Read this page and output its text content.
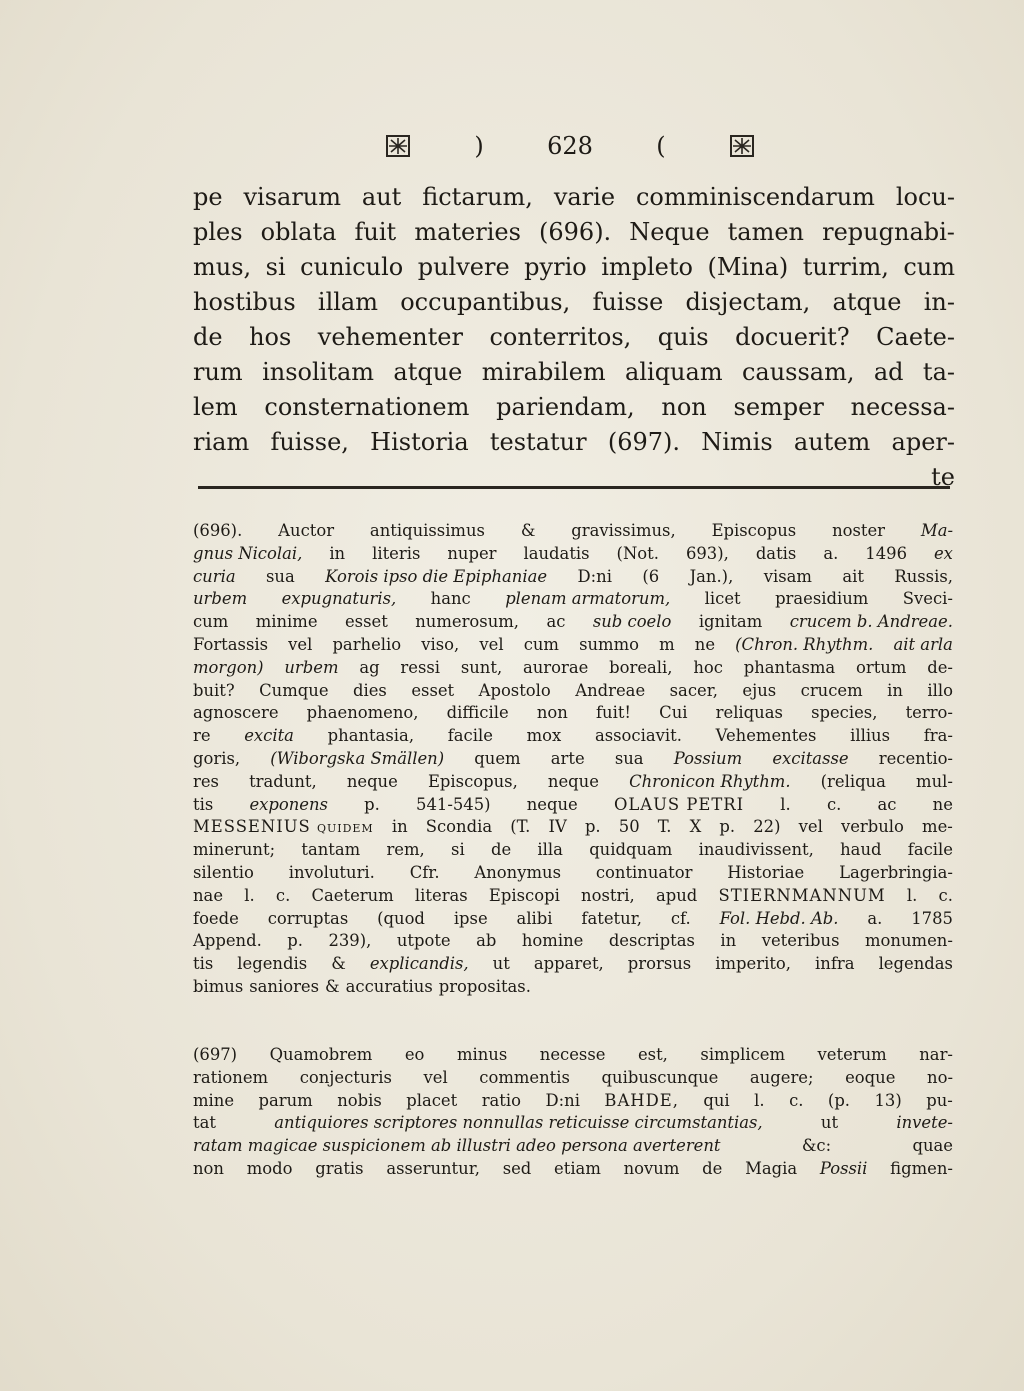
)	628	(
pe visarum aut fictarum, varie comminiscendarum locu-
ples oblata fuit materies (696). Neque tamen repugnabi-
mus, si cuniculo pulvere pyrio impleto (Mina) turrim, cum
hostibus illam occupantibus, fuisse disjectam, atque in-
de hos vehementer conterritos, quis docuerit? Caete-
rum insolitam atque mirabilem aliquam caussam, ad ta-
lem consternationem pariendam, non semper necessa-
riam fuisse, Historia testatur (697). Nimis autem aper-
te
(696). Auctor antiquissimus & gravissimus, Episcopus noster Ma-
gnus Nicolai, in literis nuper laudatis (Not. 693), datis a. 1496 ex
curia sua Korois ipso die Epiphaniae D:ni (6 Jan.), visam ait Russis,
urbem expugnaturis, hanc plenam armatorum, licet praesidium Sveci-
cum minime esset numerosum, ac sub coelo ignitam crucem b. Andreae.
Fortassis vel parhelio viso, vel cum summo m ne (Chron. Rhythm. ait arla
morgon) urbem ag ressi sunt, aurorae boreali, hoc phantasma ortum de-
buit? Cumque dies esset Apostolo Andreae sacer, ejus crucem in illo
agnoscere phaenomeno, difficile non fuit! Cui reliquas species, terro-
re excita phantasia, facile mox associavit. Vehementes illius fra-
goris, (Wiborgska Smällen) quem arte sua Possium excitasse recentio-
res tradunt, neque Episcopus, neque Chronicon Rhythm. (reliqua mul-
tis exponens p. 541-545) neque OLAUS PETRI l. c. ac ne
MESSENIUS quidem in Scondia (T. IV p. 50 T. X p. 22) vel verbulo me-
minerunt; tantam rem, si de illa quidquam inaudivissent, haud facile
silentio involuturi. Cfr. Anonymus continuator Historiae Lagerbringia-
nae l. c. Caeterum literas Episcopi nostri, apud STIERNMANNUM l. c.
foede corruptas (quod ipse alibi fatetur, cf. Fol. Hebd. Ab. a. 1785
Append. p. 239), utpote ab homine descriptas in veteribus monumen-
tis legendis & explicandis, ut apparet, prorsus imperito, infra legendas
bimus saniores & accuratius propositas.
(697) Quamobrem eo minus necesse est, simplicem veterum nar-
rationem conjecturis vel commentis quibuscunque augere; eoque no-
mine parum nobis placet ratio D:ni BAHDE, qui l. c. (p. 13) pu-
tat	antiquiores scriptores nonnullas reticuisse circumstantias,	ut	invete-
ratam magicae suspicionem ab illustri adeo persona averterent	&c:	quae
non modo gratis asseruntur, sed etiam novum de Magia Possii figmen-
